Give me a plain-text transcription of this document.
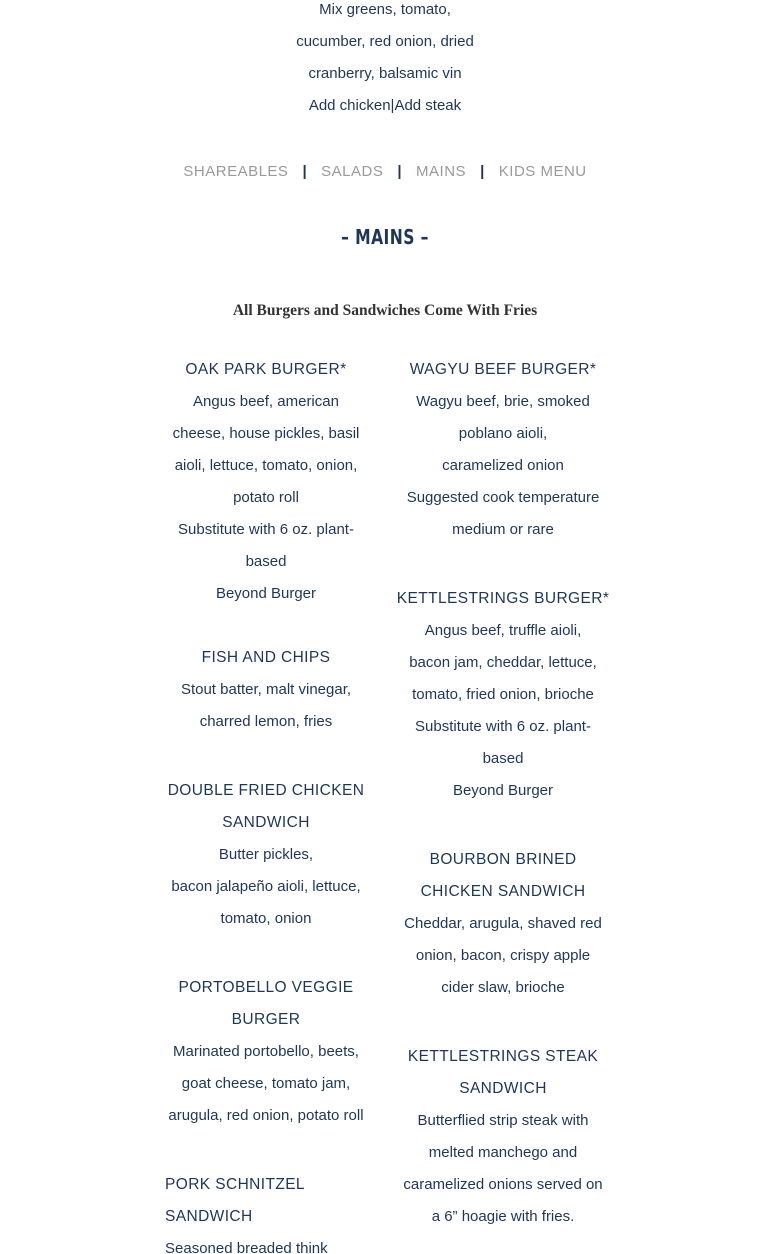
Mix greens, tomato,
cucumber, red onion, dried
cranberry, balsamic vin
Add chicken|Add steak
SHAREABLES | SALADS | MAINS | KIDS MENU
– MAINS –
All Burgers and Sandwiches Come With Fries
OAK PARK BURGER*
Angus beef, american
cheese, house pickles, basil
aioli, lettuce, tomato, onion,
potato roll
Substitute with 6 oz. plant-
based
Beyond Burger
FISH AND CHIPS
Stout batter, malt vinegar,
charred lemon, fries
DOUBLE FRIED CHICKEN
SANDWICH
Butter pickles,
bacon jalapeño aioli, lettuce,
tomato, onion
PORTOBELLO VEGGIE
BURGER
Marinated portobello, beets,
goat cheese, tomato jam,
arugula, red onion, potato roll
PORK SCHNITZEL
SANDWICH
Seasoned breaded think
WAGYU BEEF BURGER*
Wagyu beef, brie, smoked
poblano aioli,
caramelized onion
Suggested cook temperature
medium or rare
KETTLESTRINGS BURGER*
Angus beef, truffle aioli,
bacon jam, cheddar, lettuce,
tomato, fried onion, brioche
Substitute with 6 oz. plant-
based
Beyond Burger
BOURBON BRINED
CHICKEN SANDWICH
Cheddar, arugula, shaved red
onion, bacon, crispy apple
cider slaw, brioche
KETTLESTRINGS STEAK
SANDWICH
Butterflied strip steak with
melted manchego and
caramelized onions served on
a 6” hoagie with fries.
